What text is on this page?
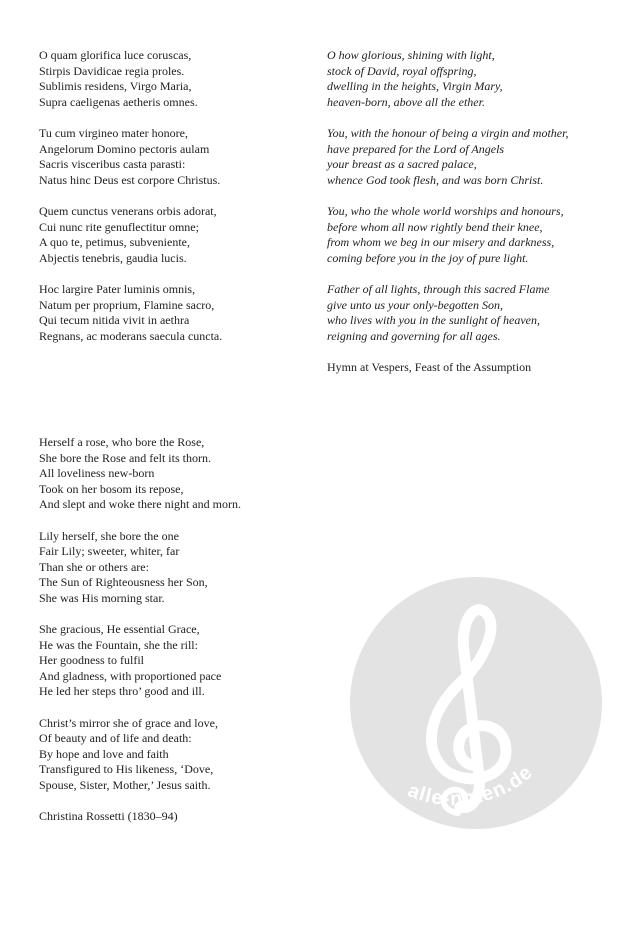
O quam glorifica luce coruscas,
Stirpis Davidicae regia proles.
Sublimis residens, Virgo Maria,
Supra caeligenas aetheris omnes.
Tu cum virgineo mater honore,
Angelorum Domino pectoris aulam
Sacris visceribus casta parasti:
Natus hinc Deus est corpore Christus.
Quem cunctus venerans orbis adorat,
Cui nunc rite genuflectitur omne;
A quo te, petimus, subveniente,
Abjectis tenebris, gaudia lucis.
Hoc largire Pater luminis omnis,
Natum per proprium, Flamine sacro,
Qui tecum nitida vivit in aethra
Regnans, ac moderans saecula cuncta.
O how glorious, shining with light,
stock of David, royal offspring,
dwelling in the heights, Virgin Mary,
heaven-born, above all the ether.
You, with the honour of being a virgin and mother,
have prepared for the Lord of Angels
your breast as a sacred palace,
whence God took flesh, and was born Christ.
You, who the whole world worships and honours,
before whom all now rightly bend their knee,
from whom we beg in our misery and darkness,
coming before you in the joy of pure light.
Father of all lights, through this sacred Flame
give unto us your only-begotten Son,
who lives with you in the sunlight of heaven,
reigning and governing for all ages.
Hymn at Vespers, Feast of the Assumption
Herself a rose, who bore the Rose,
She bore the Rose and felt its thorn.
All loveliness new-born
Took on her bosom its repose,
And slept and woke there night and morn.
Lily herself, she bore the one
Fair Lily; sweeter, whiter, far
Than she or others are:
The Sun of Righteousness her Son,
She was His morning star.
She gracious, He essential Grace,
He was the Fountain, she the rill:
Her goodness to fulfil
And gladness, with proportioned pace
He led her steps thro’ good and ill.
Christ’s mirror she of grace and love,
Of beauty and of life and death:
By hope and love and faith
Transfigured to His likeness, ‘Dove,
Spouse, Sister, Mother,’ Jesus saith.
Christina Rossetti (1830–94)
alle-noten.de
